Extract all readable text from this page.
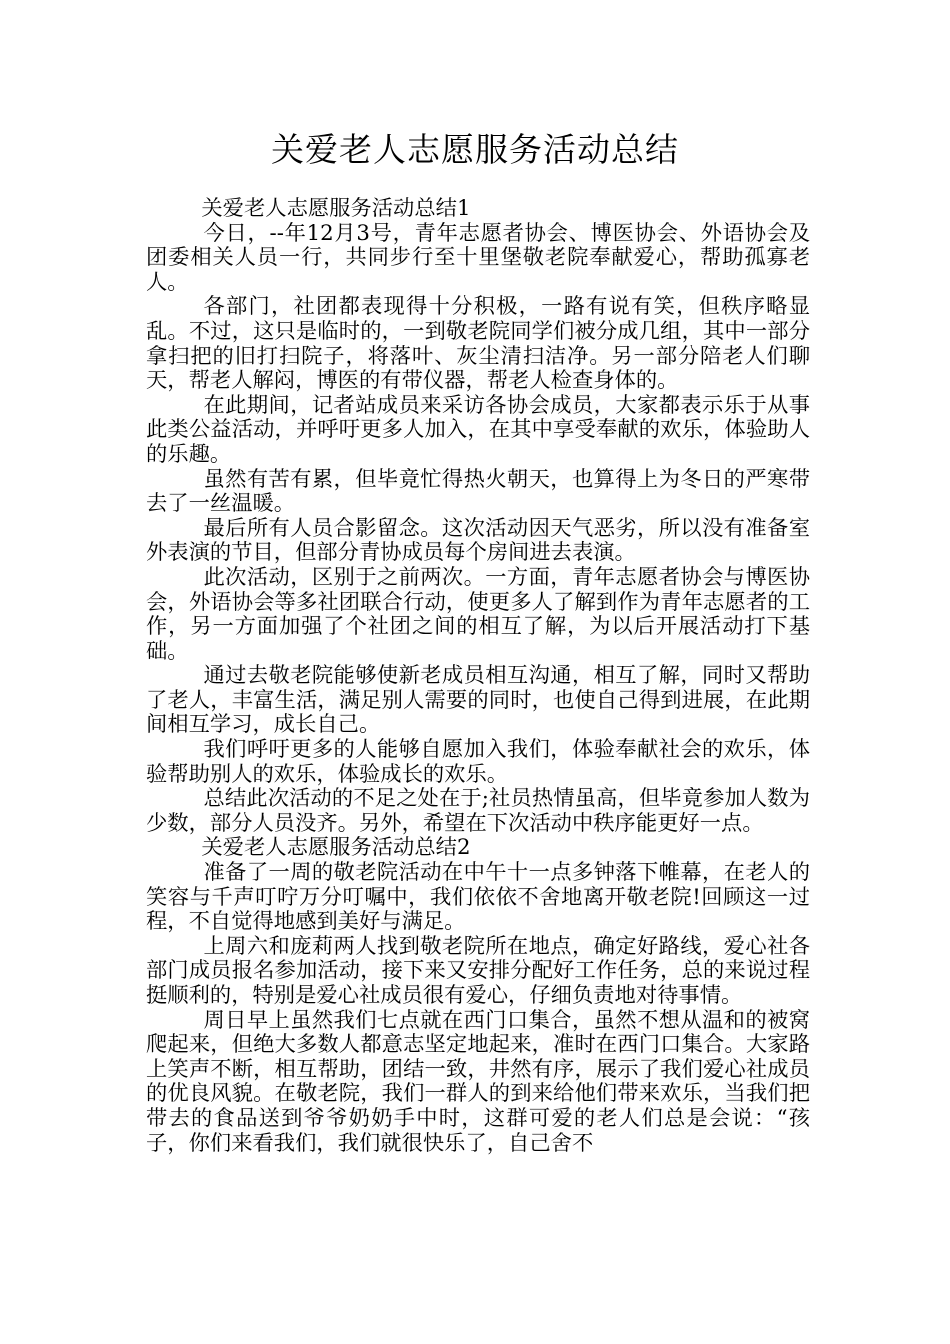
关爱老人志愿服务活动总结

关爱老人志愿服务活动总结1

今日，--年12月3号，青年志愿者协会、博医协会、外语协会及团委相关人员一行，共同步行至十里堡敬老院奉献爱心，帮助孤寡老人。

各部门，社团都表现得十分积极，一路有说有笑，但秩序略显乱。不过，这只是临时的，一到敬老院同学们被分成几组，其中一部分拿扫把的旧打扫院子，将落叶、灰尘清扫洁净。另一部分陪老人们聊天，帮老人解闷，博医的有带仪器，帮老人检查身体的。

在此期间，记者站成员来采访各协会成员，大家都表示乐于从事此类公益活动，并呼吁更多人加入，在其中享受奉献的欢乐，体验助人的乐趣。

虽然有苦有累，但毕竟忙得热火朝天，也算得上为冬日的严寒带去了一丝温暖。

最后所有人员合影留念。这次活动因天气恶劣，所以没有准备室外表演的节目，但部分青协成员每个房间进去表演。

此次活动，区别于之前两次。一方面，青年志愿者协会与博医协会，外语协会等多社团联合行动，使更多人了解到作为青年志愿者的工作，另一方面加强了个社团之间的相互了解，为以后开展活动打下基础。

通过去敬老院能够使新老成员相互沟通，相互了解，同时又帮助了老人，丰富生活，满足别人需要的同时，也使自己得到进展，在此期间相互学习，成长自己。

我们呼吁更多的人能够自愿加入我们，体验奉献社会的欢乐，体验帮助别人的欢乐，体验成长的欢乐。

总结此次活动的不足之处在于;社员热情虽高，但毕竟参加人数为少数，部分人员没齐。另外，希望在下次活动中秩序能更好一点。

关爱老人志愿服务活动总结2

准备了一周的敬老院活动在中午十一点多钟落下帷幕，在老人的笑容与千声叮咛万分叮嘱中，我们依依不舍地离开敬老院!回顾这一过程，不自觉得地感到美好与满足。

上周六和庞莉两人找到敬老院所在地点，确定好路线，爱心社各部门成员报名参加活动，接下来又安排分配好工作任务，总的来说过程挺顺利的，特别是爱心社成员很有爱心，仔细负责地对待事情。

周日早上虽然我们七点就在西门口集合，虽然不想从温和的被窝爬起来，但绝大多数人都意志坚定地起来，准时在西门口集合。大家路上笑声不断，相互帮助，团结一致，井然有序，展示了我们爱心社成员的优良风貌。在敬老院，我们一群人的到来给他们带来欢乐，当我们把带去的食品送到爷爷奶奶手中时，这群可爱的老人们总是会说：“孩子，你们来看我们，我们就很快乐了，自己舍不
